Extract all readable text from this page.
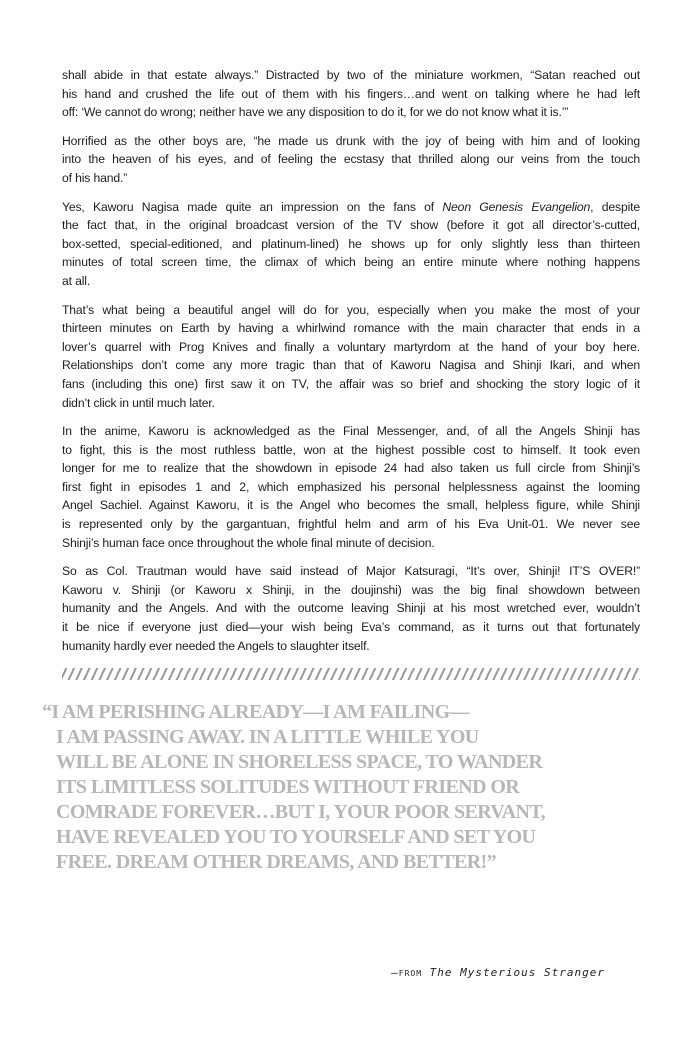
shall abide in that estate always.” Distracted by two of the miniature workmen, “Satan reached out
his hand and crushed the life out of them with his fingers…and went on talking where he had left
off: ‘We cannot do wrong; neither have we any disposition to do it, for we do not know what it is.’”
Horrified as the other boys are, “he made us drunk with the joy of being with him and of looking
into the heaven of his eyes, and of feeling the ecstasy that thrilled along our veins from the touch
of his hand.”
Yes, Kaworu Nagisa made quite an impression on the fans of Neon Genesis Evangelion, despite
the fact that, in the original broadcast version of the TV show (before it got all director’s-cutted,
box-setted, special-editioned, and platinum-lined) he shows up for only slightly less than thirteen
minutes of total screen time, the climax of which being an entire minute where nothing happens
at all.
That’s what being a beautiful angel will do for you, especially when you make the most of your
thirteen minutes on Earth by having a whirlwind romance with the main character that ends in a
lover’s quarrel with Prog Knives and finally a voluntary martyrdom at the hand of your boy here.
Relationships don’t come any more tragic than that of Kaworu Nagisa and Shinji Ikari, and when
fans (including this one) first saw it on TV, the affair was so brief and shocking the story logic of it
didn’t click in until much later.
In the anime, Kaworu is acknowledged as the Final Messenger, and, of all the Angels Shinji has
to fight, this is the most ruthless battle, won at the highest possible cost to himself. It took even
longer for me to realize that the showdown in episode 24 had also taken us full circle from Shinji’s
first fight in episodes 1 and 2, which emphasized his personal helplessness against the looming
Angel Sachiel. Against Kaworu, it is the Angel who becomes the small, helpless figure, while Shinji
is represented only by the gargantuan, frightful helm and arm of his Eva Unit-01. We never see
Shinji’s human face once throughout the whole final minute of decision.
So as Col. Trautman would have said instead of Major Katsuragi, “It’s over, Shinji! IT’S OVER!”
Kaworu v. Shinji (or Kaworu x Shinji, in the doujinshi) was the big final showdown between
humanity and the Angels. And with the outcome leaving Shinji at his most wretched ever, wouldn’t
it be nice if everyone just died—your wish being Eva’s command, as it turns out that fortunately
humanity hardly ever needed the Angels to slaughter itself.
“I AM PERISHING ALREADY—I AM FAILING—
I AM PASSING AWAY. IN A LITTLE WHILE YOU
WILL BE ALONE IN SHORELESS SPACE, TO WANDER
ITS LIMITLESS SOLITUDES WITHOUT FRIEND OR
COMRADE FOREVER…BUT I, YOUR POOR SERVANT,
HAVE REVEALED YOU TO YOURSELF AND SET YOU
FREE. DREAM OTHER DREAMS, AND BETTER!”
—from The Mysterious Stranger
